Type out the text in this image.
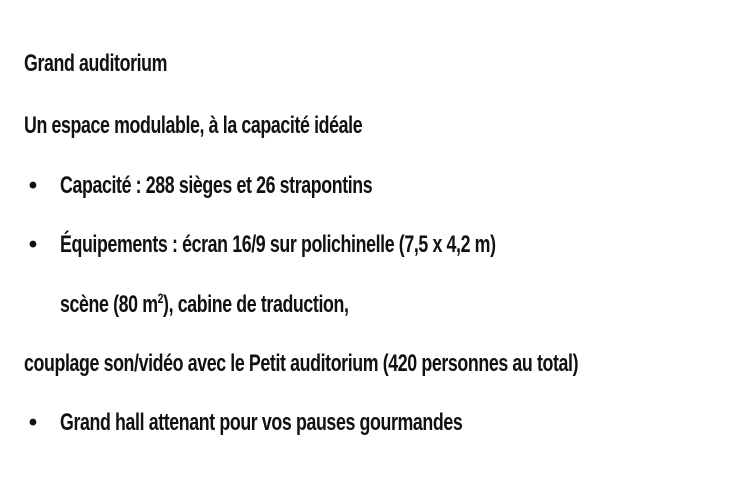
Grand auditorium
Un espace modulable, à la capacité idéale
• Capacité : 288 sièges et 26 strapontins
• Équipements : écran 16/9 sur polichinelle (7,5 x 4,2 m)
scène (80 $m^2$), cabine de traduction,
couplage son/vidéo avec le Petit auditorium (420 personnes au total)
• Grand hall attenant pour vos pauses gourmandes
